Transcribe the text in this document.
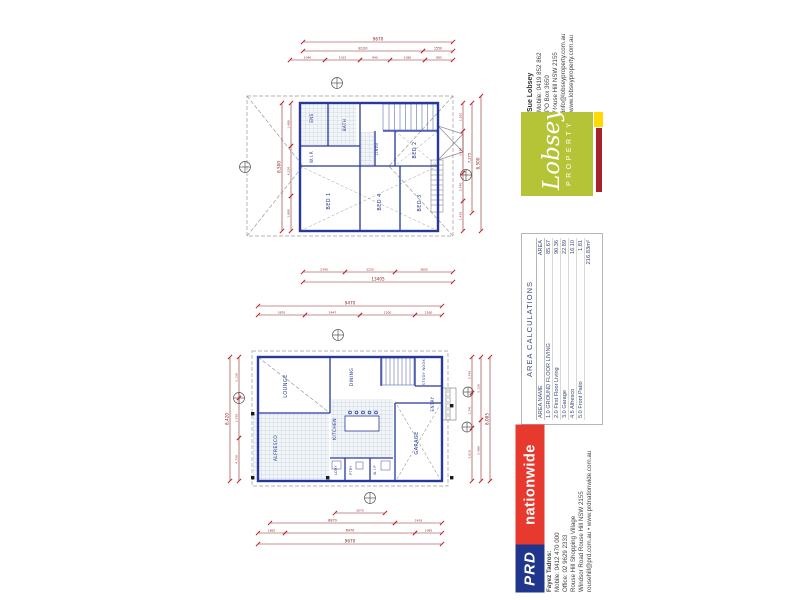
9670
8120	1550
1040	1015	840	1080	885
8,500
1,480
4,250
1,890
8,500
7,275
1,205
3,470
2,740
1,450
2340	3220	3605
13405
BED 1	BED 4	BED 3
BED 2
W.I.R
BATH
ENS
LINEN
9470
3870	2447	1200	2160
8,420
5,130
1,750
4,730
8,085
5,130
5,480
2,740
1,741
3,610
3070
8870	2435
1865	6470	1985
9670
LOUNGE	DINING	STUDY NOOK
ENTRY
KITCHEN
ALFRESCO	GARAGE
LDRY	PTRY	W.I.P
Sue Lobsey Mobile: 0419 852 862 PO Box 3650 Rouse Hill NSW 2155 info@lobseyproperty.com.au www.lobseyproperty.com.au
Lobsey. PROPERTY
AREA CALCULATIONS
AREA NAME	AREA
1.0 GROUND FLOOR LIVING	85.67
2.0 First Floor Living	90.36
3.0 Garage	22.89
4.5 Alfresco	16.10
5.0 Front Patio	1.81
	216.83m²
PRD
nationwide
Fayez Tadros: Mobile: 0412 470 000 Office: 02 9629 2333 Rouse Hill Shopping Village Windsor Road Rouse Hill NSW 2155 rousehill@prd.com.au • www.prdnationwide.com.au
